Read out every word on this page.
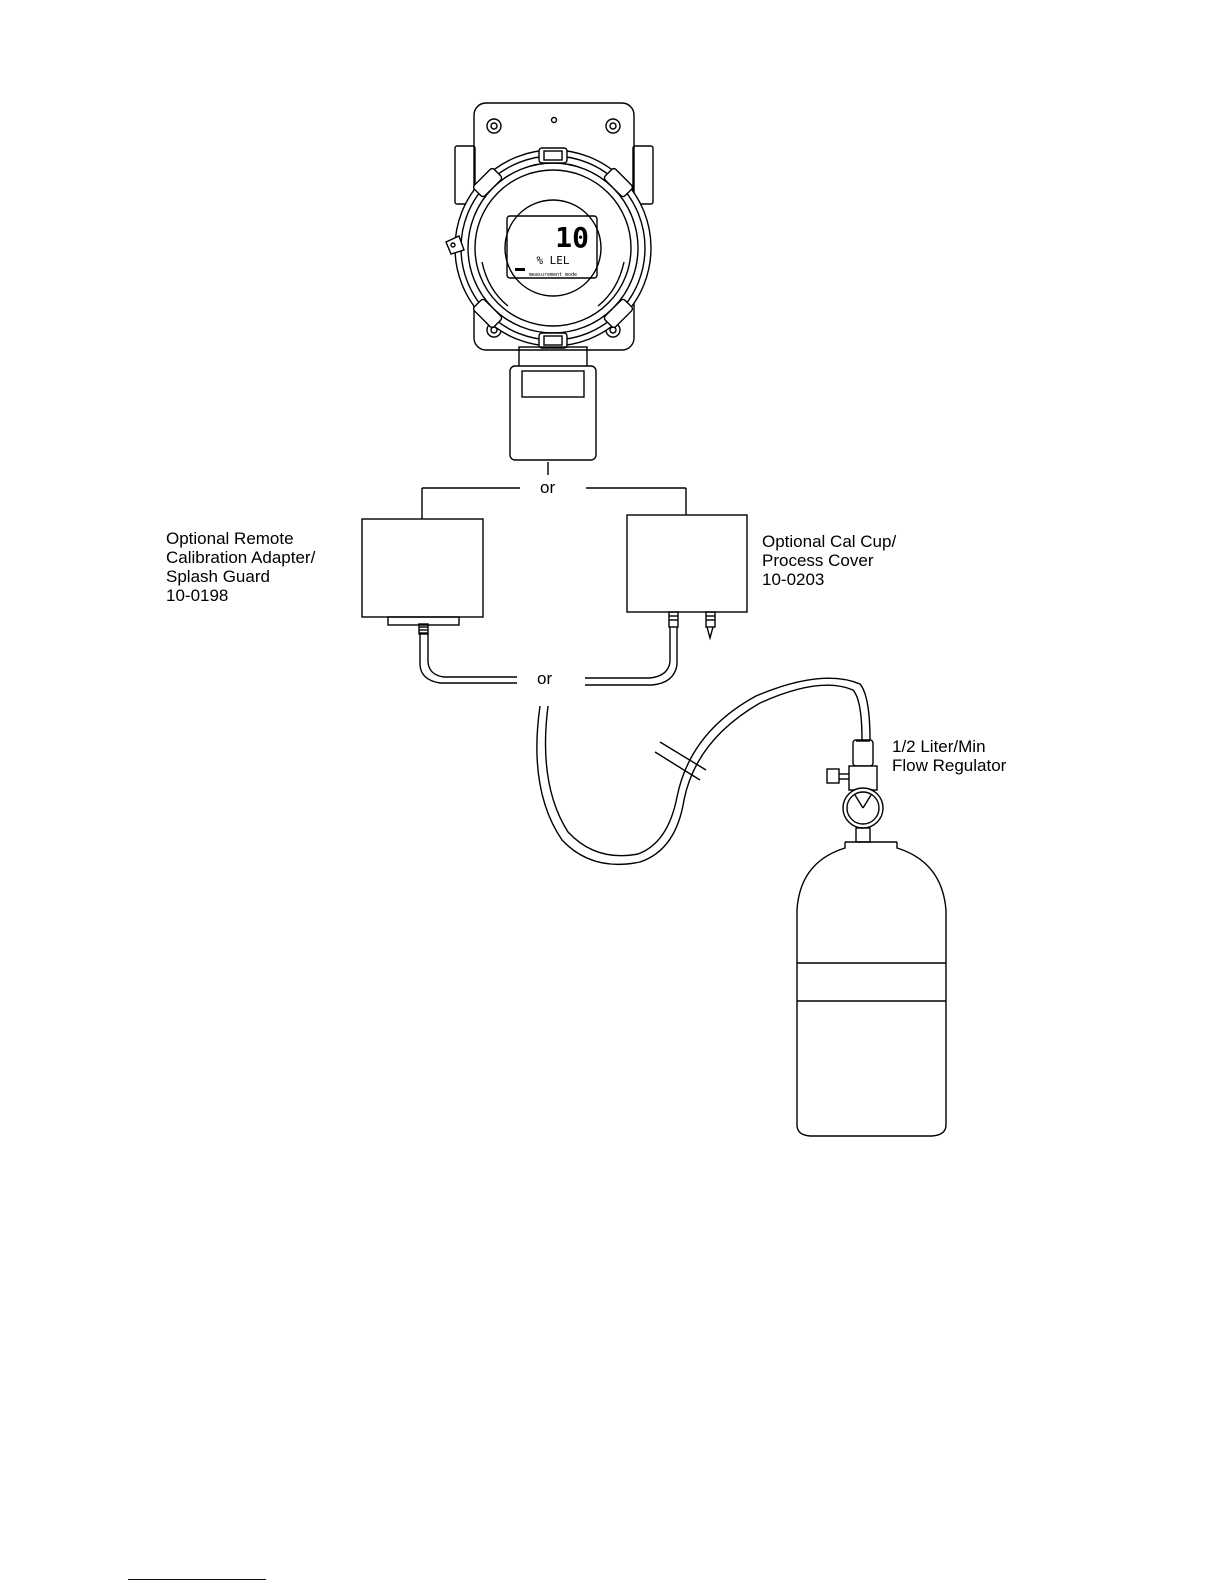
10
% LEL
measurement mode
or
or
Optional Remote
Calibration Adapter/
Splash Guard
10-0198
Optional Cal Cup/
Process Cover
10-0203
1/2 Liter/Min
Flow Regulator
